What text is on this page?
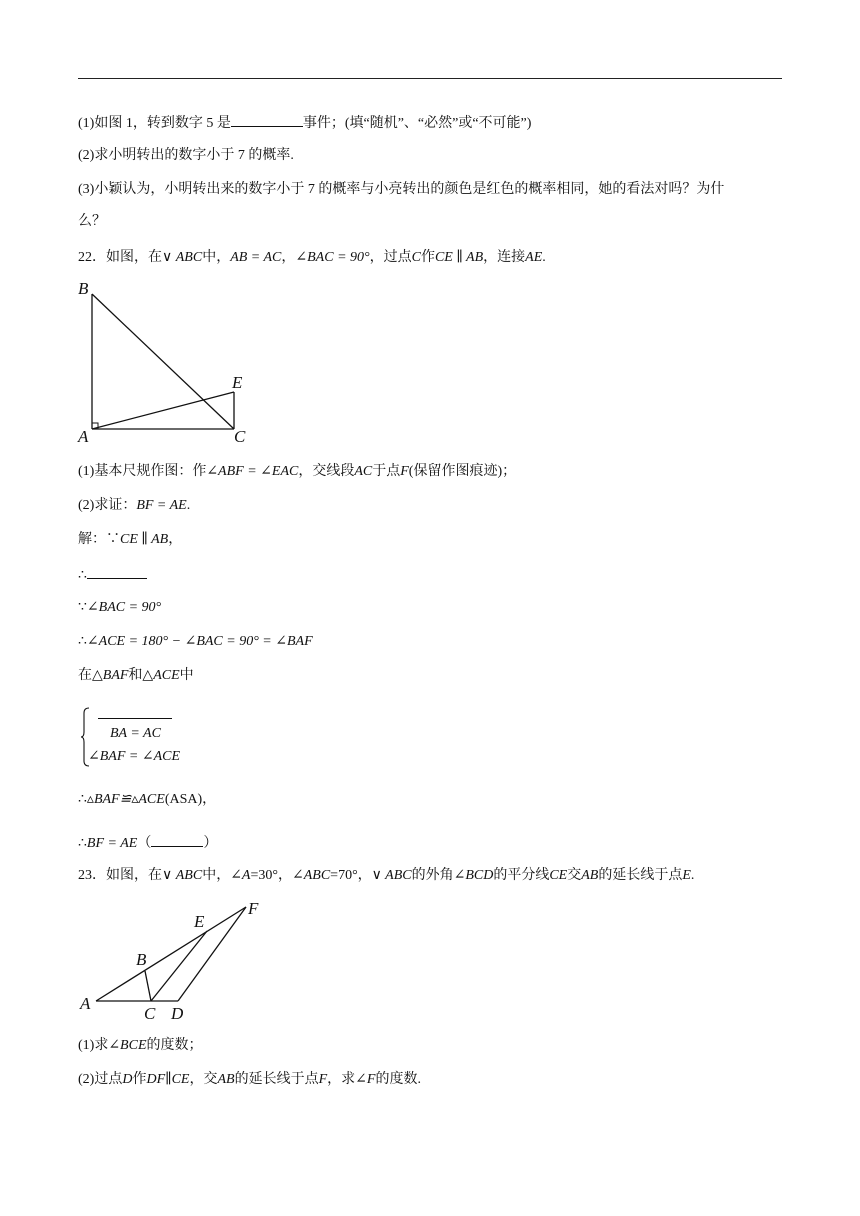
(1)如图 1，转到数字 5 是	事件；(填“随机”、“必然”或“不可能”)
(2)求小明转出的数字小于 7 的概率.
(3)小颖认为，小明转出来的数字小于 7 的概率与小亮转出的颜色是红色的概率相同，她的看法对吗？为什
么？
22．如图，在∨ ABC中，AB = AC，∠BAC = 90°，过点C作CE ∥ AB，连接AE.
B
E
A	C
(1)基本尺规作图：作∠ABF = ∠EAC，交线段AC于点F(保留作图痕迹)；
(2)求证：BF = AE.
解：∵CE ∥ AB，
∴
∵∠BAC = 90°
∴∠ACE = 180° − ∠BAC = 90° = ∠BAF
在△BAF和△ACE中
BA = AC
∠BAF = ∠ACE
∴▵BAF≌▵ACE(ASA)，
∴BF = AE（	）
23．如图，在∨ ABC中，∠A=30°，∠ABC=70°，∨ ABC的外角∠BCD的平分线CE交AB的延长线于点E.
F
E
B
A
C D
(1)求∠BCE的度数；
(2)过点D作DF∥CE，交AB的延长线于点F，求∠F的度数.
